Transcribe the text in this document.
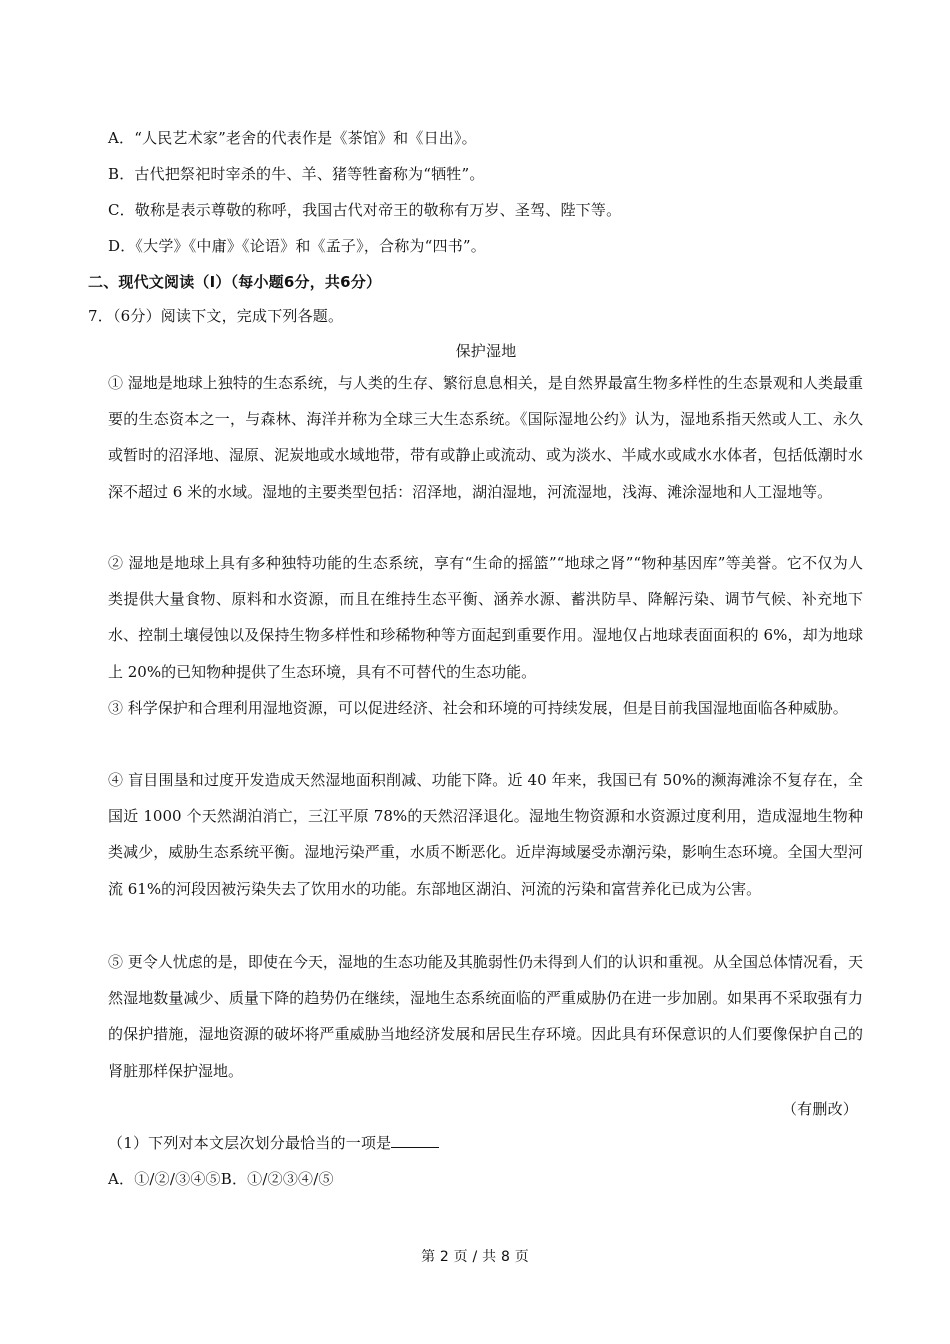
A．“人民艺术家”老舍的代表作是《茶馆》和《日出》。
B．古代把祭祀时宰杀的牛、羊、猪等牲畜称为“牺牲”。
C．敬称是表示尊敬的称呼，我国古代对帝王的敬称有万岁、圣驾、陛下等。
D．《大学》《中庸》《论语》和《孟子》，合称为“四书”。
二、现代文阅读（I）（每小题6分，共6分）
7．（6分）阅读下文，完成下列各题。
保护湿地
① 湿地是地球上独特的生态系统，与人类的生存、繁衍息息相关，是自然界最富生物多样性的生态景观和人类最重要的生态资本之一，与森林、海洋并称为全球三大生态系统。《国际湿地公约》认为，湿地系指天然或人工、永久或暂时的沼泽地、湿原、泥炭地或水域地带，带有或静止或流动、或为淡水、半咸水或咸水水体者，包括低潮时水深不超过 6 米的水域。湿地的主要类型包括：沼泽地，湖泊湿地，河流湿地，浅海、滩涂湿地和人工湿地等。
② 湿地是地球上具有多种独特功能的生态系统，享有“生命的摇篮”“地球之肾”“物种基因库”等美誉。它不仅为人类提供大量食物、原料和水资源，而且在维持生态平衡、涵养水源、蓄洪防旱、降解污染、调节气候、补充地下水、控制土壤侵蚀以及保持生物多样性和珍稀物种等方面起到重要作用。湿地仅占地球表面面积的 6%，却为地球上 20%的已知物种提供了生态环境，具有不可替代的生态功能。
③ 科学保护和合理利用湿地资源，可以促进经济、社会和环境的可持续发展，但是目前我国湿地面临各种威胁。
④ 盲目围垦和过度开发造成天然湿地面积削减、功能下降。近 40 年来，我国已有 50%的濒海滩涂不复存在，全国近 1000 个天然湖泊消亡，三江平原 78%的天然沼泽退化。湿地生物资源和水资源过度利用，造成湿地生物种类减少，威胁生态系统平衡。湿地污染严重，水质不断恶化。近岸海域屡受赤潮污染，影响生态环境。全国大型河流 61%的河段因被污染失去了饮用水的功能。东部地区湖泊、河流的污染和富营养化已成为公害。
⑤ 更令人忧虑的是，即使在今天，湿地的生态功能及其脆弱性仍未得到人们的认识和重视。从全国总体情况看，天然湿地数量减少、质量下降的趋势仍在继续，湿地生态系统面临的严重威胁仍在进一步加剧。如果再不采取强有力的保护措施，湿地资源的破坏将严重威胁当地经济发展和居民生存环境。因此具有环保意识的人们要像保护自己的肾脏那样保护湿地。
（有删改）
（1）下列对本文层次划分最恰当的一项是
A．①/②/③④⑤B．①/②③④/⑤
第 2 页 / 共 8 页
